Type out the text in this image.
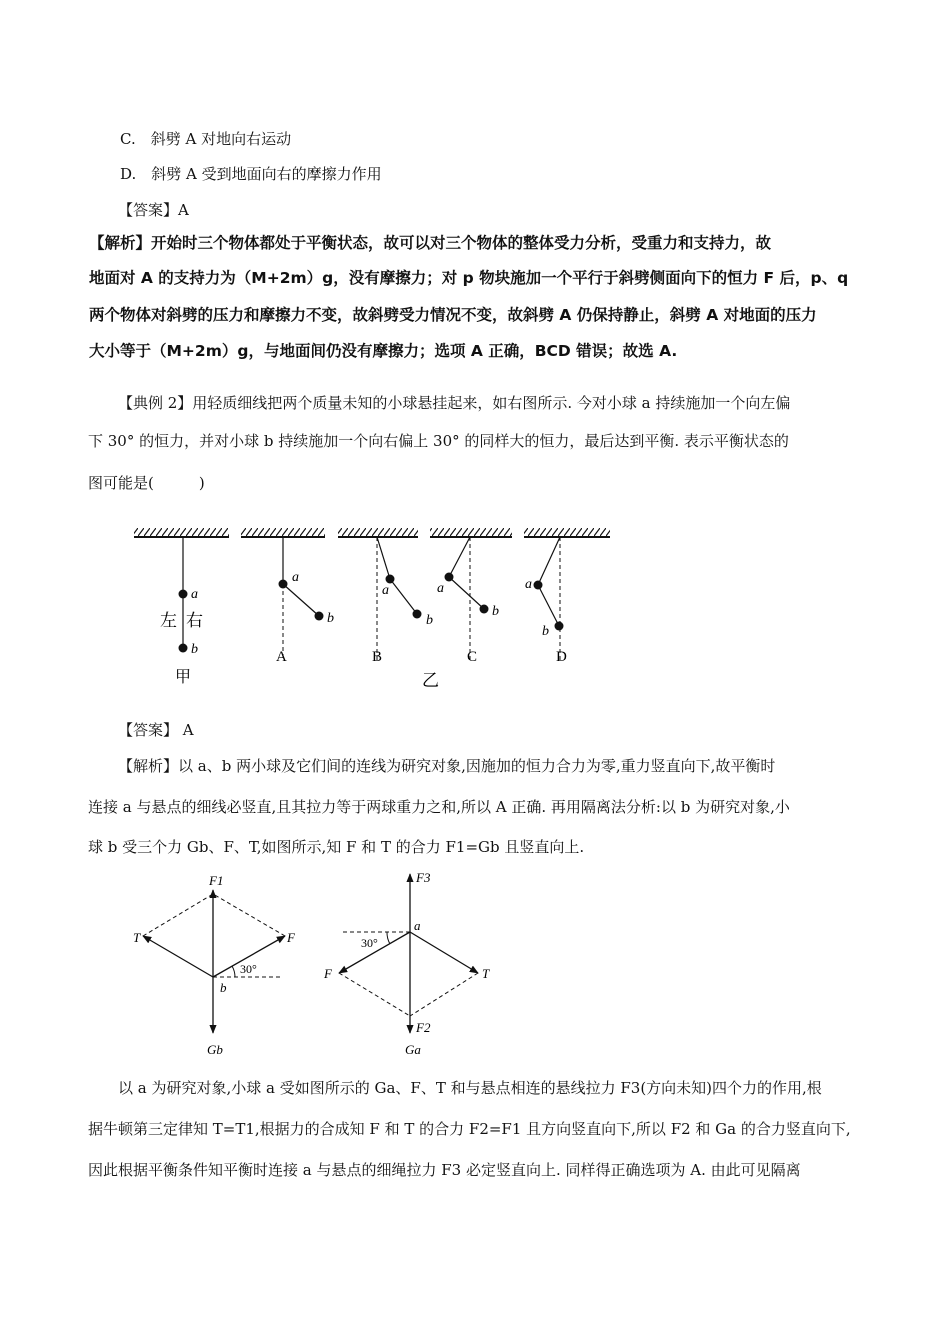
C.　斜劈 A 对地向右运动
D.　斜劈 A 受到地面向右的摩擦力作用
【答案】A
【解析】开始时三个物体都处于平衡状态，故可以对三个物体的整体受力分析，受重力和支持力，故
地面对 A 的支持力为（M+2m）g，没有摩擦力；对 p 物块施加一个平行于斜劈侧面向下的恒力 F 后，p、q
两个物体对斜劈的压力和摩擦力不变，故斜劈受力情况不变，故斜劈 A 仍保持静止，斜劈 A 对地面的压力
大小等于（M+2m）g，与地面间仍没有摩擦力；选项 A 正确，BCD 错误；故选 A.
【典例 2】用轻质细线把两个质量未知的小球悬挂起来，如右图所示. 今对小球 a 持续施加一个向左偏
下 30° 的恒力，并对小球 b 持续施加一个向右偏上 30° 的同样大的恒力，最后达到平衡. 表示平衡状态的
图可能是(　　　)
a
b
左 右
甲
a
b
A
a
b
B
a
b
C
a
b
D
乙
【答案】 A
【解析】以 a、b 两小球及它们间的连线为研究对象,因施加的恒力合力为零,重力竖直向下,故平衡时
连接 a 与悬点的细线必竖直,且其拉力等于两球重力之和,所以 A 正确. 再用隔离法分析:以 b 为研究对象,小
球 b 受三个力 Gb、F、T,如图所示,知 F 和 T 的合力 F1=Gb 且竖直向上.
F1
T	F
b
30°
Gb
F3
a
30°
F	T
F2
Ga
以 a 为研究对象,小球 a 受如图所示的 Ga、F、T 和与悬点相连的悬线拉力 F3(方向未知)四个力的作用,根
据牛顿第三定律知 T=T1,根据力的合成知 F 和 T 的合力 F2=F1 且方向竖直向下,所以 F2 和 Ga 的合力竖直向下,
因此根据平衡条件知平衡时连接 a 与悬点的细绳拉力 F3 必定竖直向上. 同样得正确选项为 A. 由此可见隔离
